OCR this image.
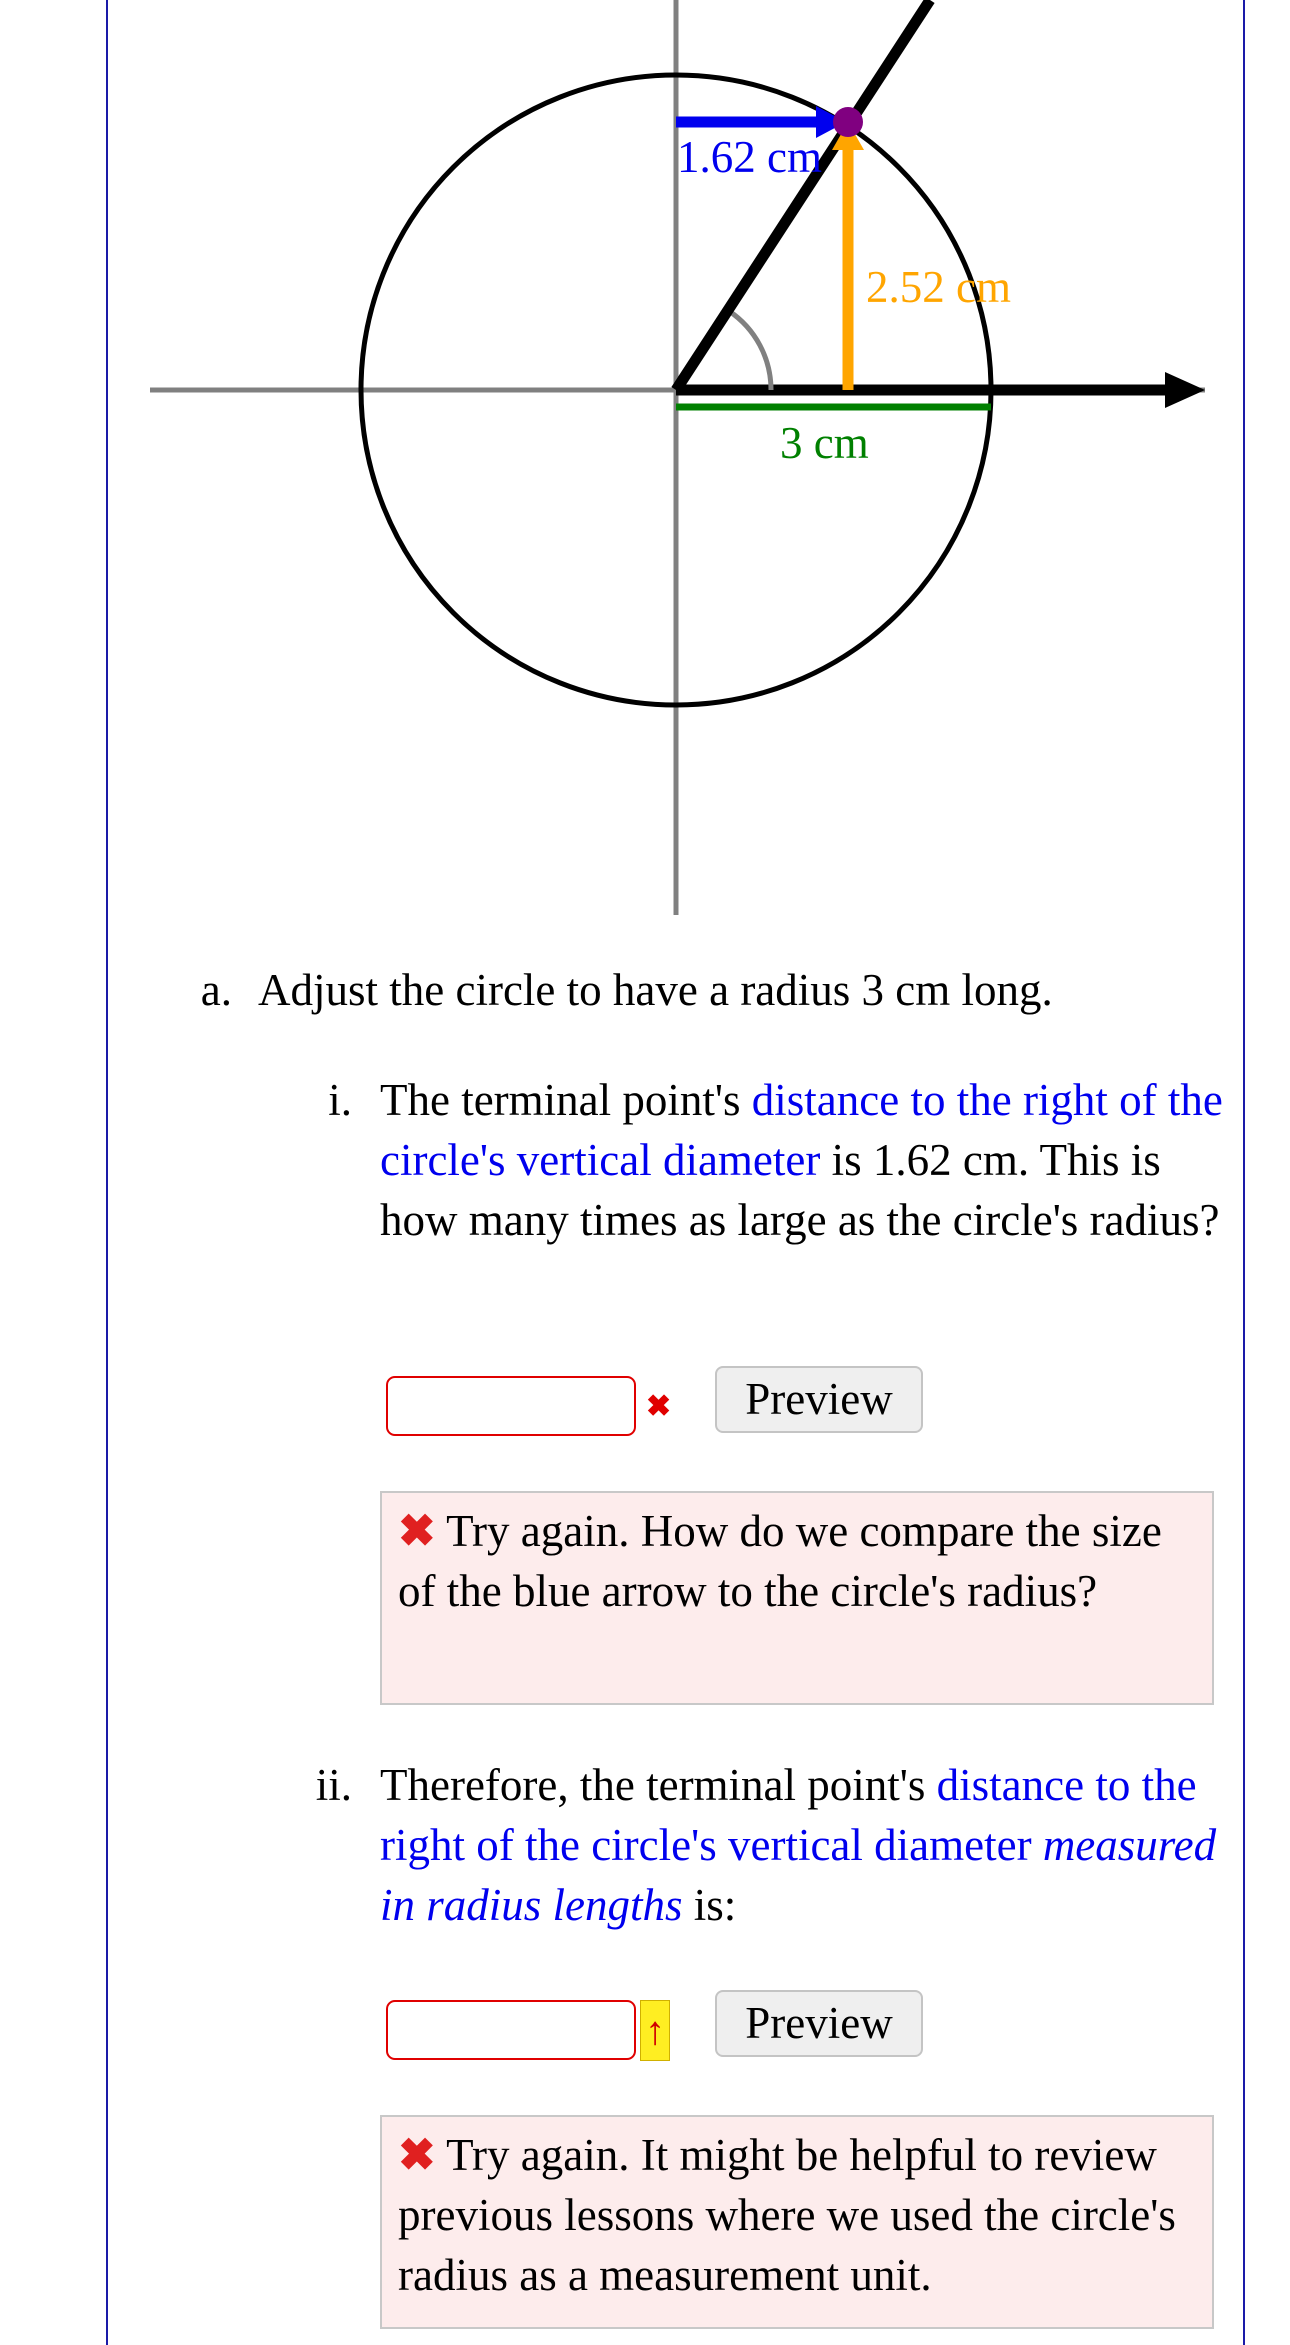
1.62 cm
2.52 cm
3 cm
a. Adjust the circle to have a radius 3 cm long.
i. The terminal point's distance to the right of the circle's vertical diameter is 1.62 cm. This is how many times as large as the circle's radius?
✖	Preview
✖ Try again. How do we compare the size of the blue arrow to the circle's radius?
ii. Therefore, the terminal point's distance to the right of the circle's vertical diameter measured in radius lengths is:
↑	Preview
✖ Try again. It might be helpful to review previous lessons where we used the circle's radius as a measurement unit.
